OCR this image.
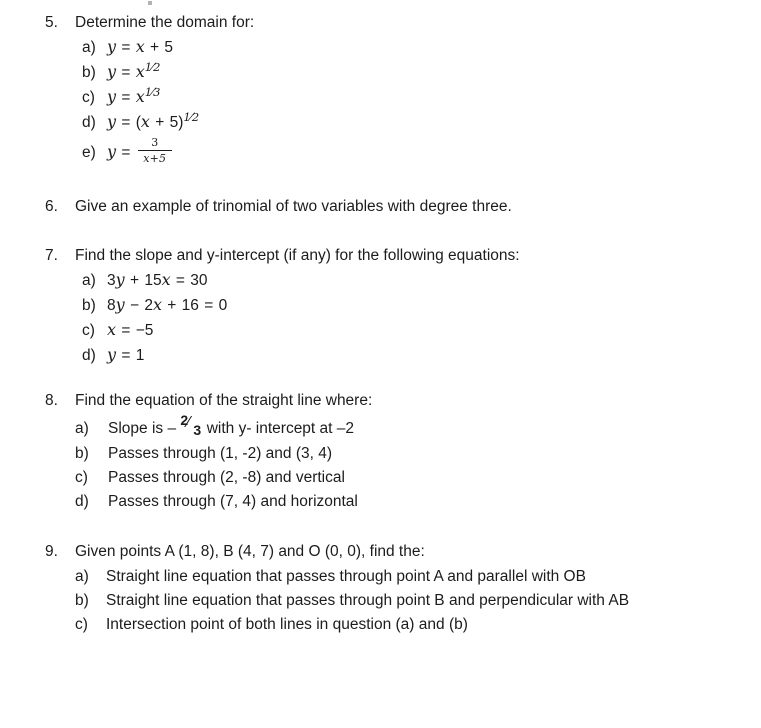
5.	Determine the domain for:
a) y = x + 5
b) $y = x^{1⁄2}$
c) $y = x^{1⁄3}$
d) $y = (x + 5)^{1⁄2}$
e) $y = \frac{3}{x+5}$
6.	Give an example of trinomial of two variables with degree three.
7.	Find the slope and y-intercept (if any) for the following equations:
a) 3y + 15x = 30
b) 8y − 2x + 16 = 0
c) x = −5
d) y = 1
8.	Find the equation of the straight line where:
a)	Slope is – 2 ⁄ 3 with y- intercept at –2
b)	Passes through (1, -2) and (3, 4)
c)	Passes through (2, -8) and vertical
d)	Passes through (7, 4) and horizontal
9.	Given points A (1, 8), B (4, 7) and O (0, 0), find the:
a)	Straight line equation that passes through point A and parallel with OB
b)	Straight line equation that passes through point B and perpendicular with AB
c)	Intersection point of both lines in question (a) and (b)
